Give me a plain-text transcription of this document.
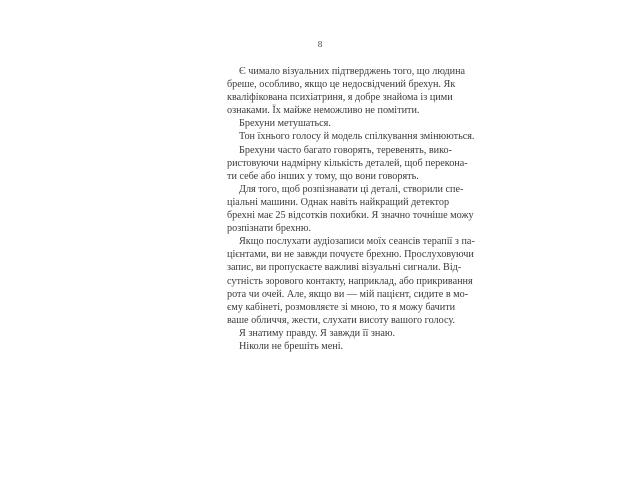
8
Є чимало візуальних підтверджень того, що людина
бреше, особливо, якщо це недосвідчений брехун. Як
кваліфікована психіатриня, я добре знайома із цими
ознаками. Їх майже неможливо не помітити.
Брехуни метушаться.
Тон їхнього голосу й модель спілкування змінюються.
Брехуни часто багато говорять, теревенять, вико-
ристовуючи надмірну кількість деталей, щоб перекона-
ти себе або інших у тому, що вони говорять.
Для того, щоб розпізнавати ці деталі, створили спе-
ціальні машини. Однак навіть найкращий детектор
брехні має 25 відсотків похибки. Я значно точніше можу
розпізнати брехню.
Якщо послухати аудіозаписи моїх сеансів терапії з па-
цієнтами, ви не завжди почуєте брехню. Прослуховуючи
запис, ви пропускаєте важливі візуальні сигнали. Від-
сутність зорового контакту, наприклад, або прикривання
рота чи очей. Але, якщо ви — мій пацієнт, сидите в мо-
єму кабінеті, розмовляєте зі мною, то я можу бачити
ваше обличчя, жести, слухати висоту вашого голосу.
Я знатиму правду. Я завжди її знаю.
Ніколи не брешіть мені.
